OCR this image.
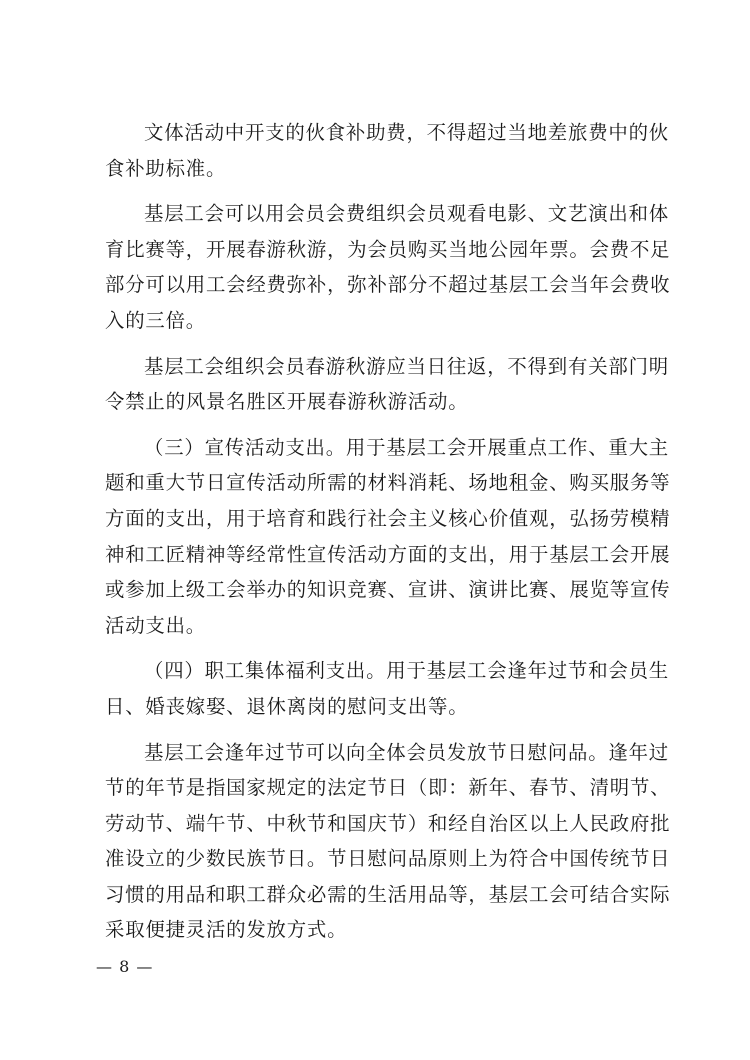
文体活动中开支的伙食补助费，不得超过当地差旅费中的伙
食补助标准。

基层工会可以用会员会费组织会员观看电影、文艺演出和体
育比赛等，开展春游秋游，为会员购买当地公园年票。会费不足
部分可以用工会经费弥补，弥补部分不超过基层工会当年会费收
入的三倍。

基层工会组织会员春游秋游应当日往返，不得到有关部门明
令禁止的风景名胜区开展春游秋游活动。

（三）宣传活动支出。用于基层工会开展重点工作、重大主
题和重大节日宣传活动所需的材料消耗、场地租金、购买服务等
方面的支出，用于培育和践行社会主义核心价值观，弘扬劳模精
神和工匠精神等经常性宣传活动方面的支出，用于基层工会开展
或参加上级工会举办的知识竞赛、宣讲、演讲比赛、展览等宣传
活动支出。

（四）职工集体福利支出。用于基层工会逢年过节和会员生
日、婚丧嫁娶、退休离岗的慰问支出等。

基层工会逢年过节可以向全体会员发放节日慰问品。逢年过
节的年节是指国家规定的法定节日（即：新年、春节、清明节、
劳动节、端午节、中秋节和国庆节）和经自治区以上人民政府批
准设立的少数民族节日。节日慰问品原则上为符合中国传统节日
习惯的用品和职工群众必需的生活用品等，基层工会可结合实际
采取便捷灵活的发放方式。

— 8 —
